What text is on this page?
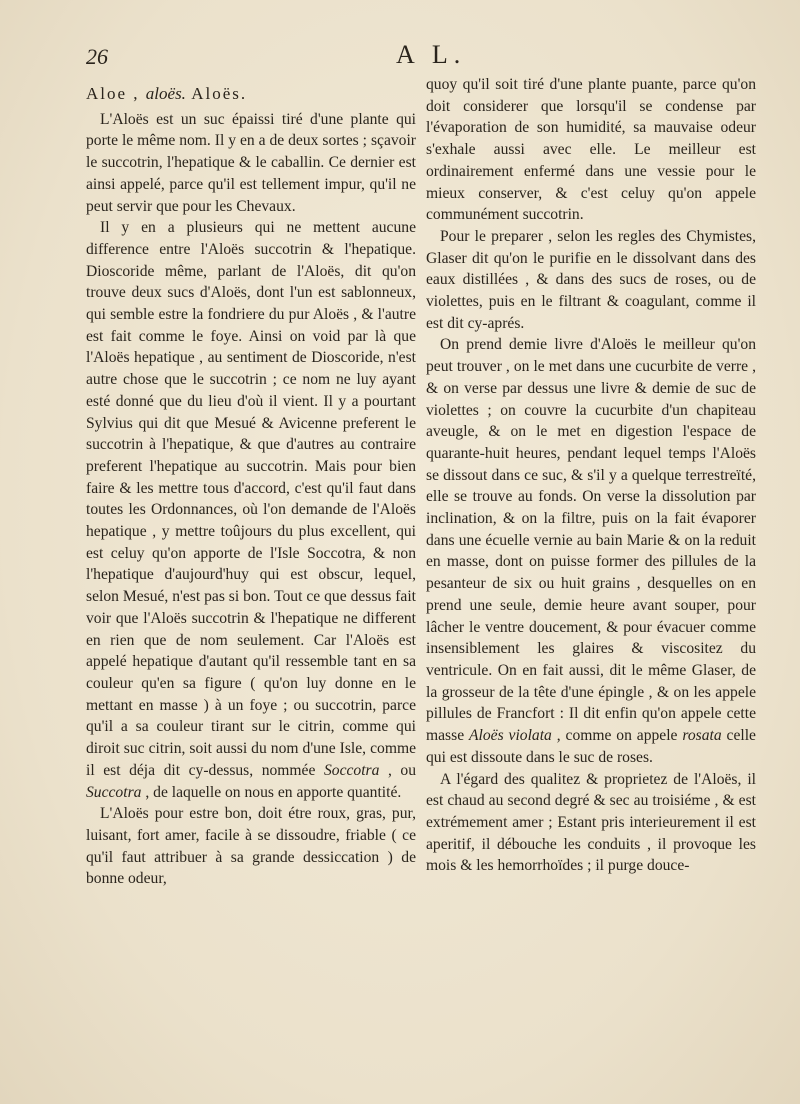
26	A L.

Aloe , aloës. Aloës.

L'Aloës est un suc épaissi tiré d'une plante qui porte le même nom. Il y en a de deux sortes ; sçavoir le succotrin, l'hepatique & le caballin. Ce dernier est ainsi appelé, parce qu'il est tellement impur, qu'il ne peut servir que pour les Chevaux.

Il y en a plusieurs qui ne mettent aucune difference entre l'Aloës succotrin & l'hepatique. Dioscoride même, parlant de l'Aloës, dit qu'on trouve deux sucs d'Aloës, dont l'un est sablonneux, qui semble estre la fondriere du pur Aloës , & l'autre est fait comme le foye. Ainsi on void par là que l'Aloës hepatique , au sentiment de Dioscoride, n'est autre chose que le succotrin ; ce nom ne luy ayant esté donné que du lieu d'où il vient. Il y a pourtant Sylvius qui dit que Mesué & Avicenne preferent le succotrin à l'hepatique, & que d'autres au contraire preferent l'hepatique au succotrin. Mais pour bien faire & les mettre tous d'accord, c'est qu'il faut dans toutes les Ordonnances, où l'on demande de l'Aloës hepatique , y mettre toûjours du plus excellent, qui est celuy qu'on apporte de l'Isle Soccotra, & non l'hepatique d'aujourd'huy qui est obscur, lequel, selon Mesué, n'est pas si bon. Tout ce que dessus fait voir que l'Aloës succotrin & l'hepatique ne different en rien que de nom seulement. Car l'Aloës est appelé hepatique d'autant qu'il ressemble tant en sa couleur qu'en sa figure ( qu'on luy donne en le mettant en masse ) à un foye ; ou succotrin, parce qu'il a sa couleur tirant sur le citrin, comme qui diroit suc citrin, soit aussi du nom d'une Isle, comme il est déja dit cy-dessus, nommée Soccotra , ou Succotra , de laquelle on nous en apporte quantité.

L'Aloës pour estre bon, doit étre roux, gras, pur, luisant, fort amer, facile à se dissoudre, friable ( ce qu'il faut attribuer à sa grande dessiccation ) de bonne odeur,

quoy qu'il soit tiré d'une plante puante, parce qu'on doit considerer que lorsqu'il se condense par l'évaporation de son humidité, sa mauvaise odeur s'exhale aussi avec elle. Le meilleur est ordinairement enfermé dans une vessie pour le mieux conserver, & c'est celuy qu'on appele communément succotrin.

Pour le preparer , selon les regles des Chymistes, Glaser dit qu'on le purifie en le dissolvant dans des eaux distillées , & dans des sucs de roses, ou de violettes, puis en le filtrant & coagulant, comme il est dit cy-aprés.

On prend demie livre d'Aloës le meilleur qu'on peut trouver , on le met dans une cucurbite de verre , & on verse par dessus une livre & demie de suc de violettes ; on couvre la cucurbite d'un chapiteau aveugle, & on le met en digestion l'espace de quarante-huit heures, pendant lequel temps l'Aloës se dissout dans ce suc, & s'il y a quelque terrestreïté, elle se trouve au fonds. On verse la dissolution par inclination, & on la filtre, puis on la fait évaporer dans une écuelle vernie au bain Marie & on la reduit en masse, dont on puisse former des pillules de la pesanteur de six ou huit grains , desquelles on en prend une seule, demie heure avant souper, pour lâcher le ventre doucement, & pour évacuer comme insensiblement les glaires & viscositez du ventricule. On en fait aussi, dit le même Glaser, de la grosseur de la tête d'une épingle , & on les appele pillules de Francfort : Il dit enfin qu'on appele cette masse Aloës violata , comme on appele rosata celle qui est dissoute dans le suc de roses.

A l'égard des qualitez & proprietez de l'Aloës, il est chaud au second degré & sec au troisiéme , & est extrémement amer ; Estant pris interieurement il est aperitif, il débouche les conduits , il provoque les mois & les hemorrhoïdes ; il purge douce-
